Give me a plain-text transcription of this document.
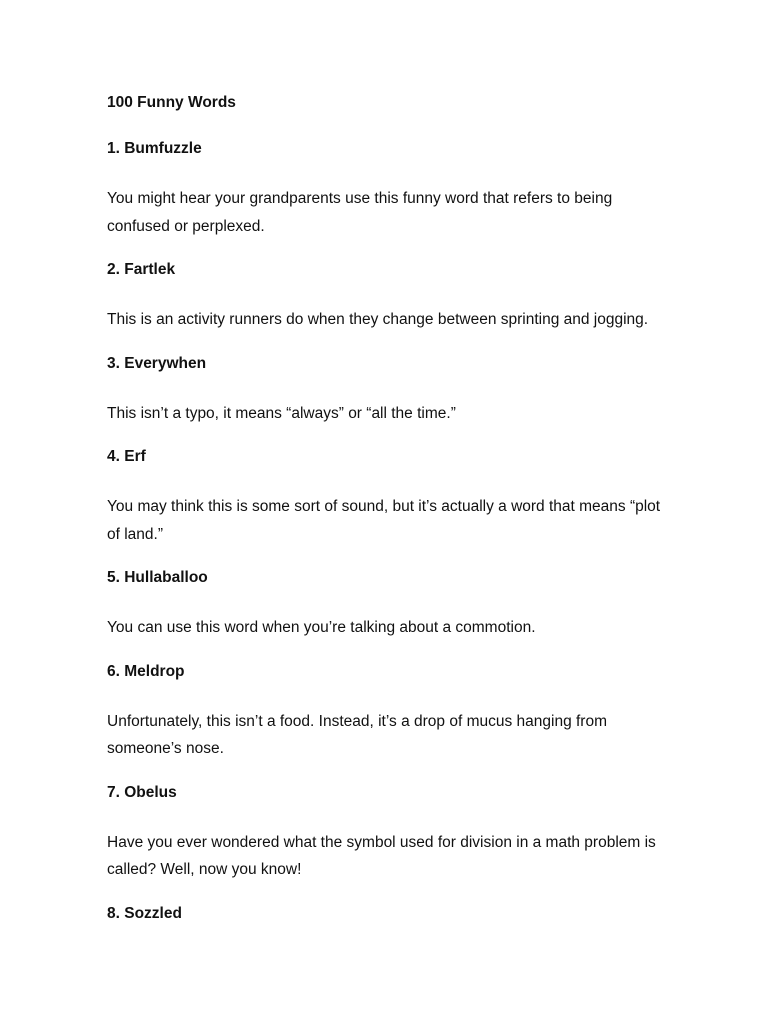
100 Funny Words
1. Bumfuzzle
You might hear your grandparents use this funny word that refers to being confused or perplexed.
2. Fartlek
This is an activity runners do when they change between sprinting and jogging.
3. Everywhen
This isn’t a typo, it means “always” or “all the time.”
4. Erf
You may think this is some sort of sound, but it’s actually a word that means “plot of land.”
5. Hullaballoo
You can use this word when you’re talking about a commotion.
6. Meldrop
Unfortunately, this isn’t a food. Instead, it’s a drop of mucus hanging from someone’s nose.
7. Obelus
Have you ever wondered what the symbol used for division in a math problem is called? Well, now you know!
8. Sozzled
